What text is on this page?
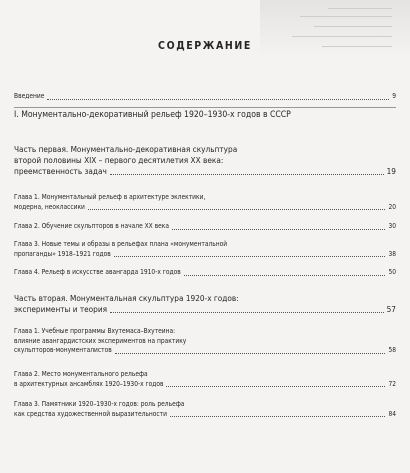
СОДЕРЖАНИЕ
Введение	9
I. Монументально-декоративный рельеф 1920–1930-х годов в СССР
Часть первая. Монументально-декоративная скульптура
второй половины XIX – первого десятилетия XX века:
преемственность задач	19
Глава 1. Монументальный рельеф в архитектуре эклектики,
модерна, неоклассики	20
Глава 2. Обучение скульпторов в начале XX века	30
Глава 3. Новые темы и образы в рельефах плана «монументальной
пропаганды» 1918–1921 годов	38
Глава 4. Рельеф в искусстве авангарда 1910-х годов	50
Часть вторая. Монументальная скульптура 1920-х годов:
эксперименты и теория	57
Глава 1. Учебные программы Вхутемаса–Вхутеина:
влияние авангардистских экспериментов на практику
скульпторов-монументалистов	58
Глава 2. Место монументального рельефа
в архитектурных ансамблях 1920–1930-х годов	72
Глава 3. Памятники 1920–1930-х годов: роль рельефа
как средства художественной выразительности	84
